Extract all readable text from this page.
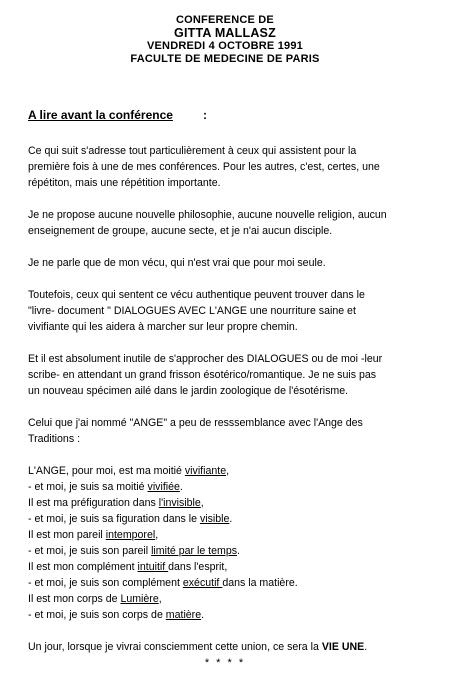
CONFERENCE DE
GITTA MALLASZ
VENDREDI 4 OCTOBRE 1991
FACULTE DE MEDECINE DE PARIS
A lire avant la conférence	:

Ce qui suit s'adresse tout particulièrement à ceux qui assistent pour la
première fois à une de mes conférences. Pour les autres, c'est, certes, une
répétiton, mais une répétition importante.

Je ne propose aucune nouvelle philosophie, aucune nouvelle religion, aucun
enseignement de groupe, aucune secte, et je n'ai aucun disciple.

Je ne parle que de mon vécu, qui n'est vrai que pour moi seule.

Toutefois, ceux qui sentent ce vécu authentique peuvent trouver dans le
"livre- document " DIALOGUES AVEC L'ANGE une nourriture saine et
vivifiante qui les aidera à marcher sur leur propre chemin.

Et il est absolument inutile de s'approcher des DIALOGUES ou de moi -leur
scribe- en attendant un grand frisson ésotérico/romantique. Je ne suis pas
un nouveau spécimen ailé dans le jardin zoologique de l'ésotérisme.

Celui que j'ai nommé "ANGE" a peu de resssemblance avec l'Ange des
Traditions :

L'ANGE, pour moi, est ma moitié vivifiante,
- et moi, je suis sa moitié vivifiée.
Il est ma préfiguration dans l'invisible,
- et moi, je suis sa figuration dans le visible.
Il est mon pareil intemporel,
- et moi, je suis son pareil limité par le temps.
Il est mon complément intuitif dans l'esprit,
- et moi, je suis son complément exécutif dans la matière.
Il est mon corps de Lumière,
- et moi, je suis son corps de matière.

Un jour, lorsque je vivrai consciemment cette union, ce sera la VIE UNE.

* * * *
